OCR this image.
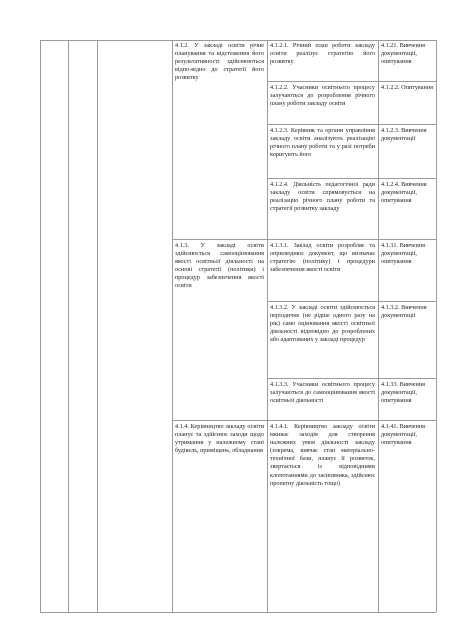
4.1.2. У закладі освіти річне планування та відстеження його результативності здійснюються відпо-відно до стратегії його розвитку
4.1.2.1. Річний план роботи закладу освіти реалізує стратегію його розвитку
4.1.21. Вивчення документації, опитування
4.1.2.2. Учасники освітнього процесу залучаються до розроблення річного плану роботи закладу освіти
4.1.2.2. Опитування
4.1.2.3. Керівник та органи управління закладу освіти аналізують реалізацію річного плану роботи та у разі потреби коригують його
4.1.2.3. Вивчення документації
4.1.2.4. Діяльність педагогічної ради закладу освіти спрямовується на реалізацію річного плану роботи та стратегії розвитку закладу
4.1.2.4. Вивчення документації, опитування
4.1.3. У закладі освіти здійснюється самооцінювання якості освітньої діяльності на основі стратегії (політики) і процедур забезпечення якості освіти
4.1.3.1. Заклад освіти розробляє та оприлюднює документ, що визначає стратегію (політику) і процедури забезпечення якості освіти
4.1.31. Вивчення документації, опитування
4.1.3.2. У закладі освіти здійснюється періодичне (не рідше одного разу на рік) само оцінювання якості освітньої діяльності відповідно до розроблених або адаптованих у закладі процедур
4.1.3.2. Вивчення документації
4.1.3.3. Учасники освітнього процесу залучаються до самооцінювання якості освітньої діяльності
4.1.33. Вивчення документації, опитування
4.1.4. Керівництво закладу освіти планує та здійснює заходи щодо утримання у належному стані будівель, приміщень, обладнання
4.1.4.1. Керівництво закладу освіти вживає заходів для створення належних умов діяльності закладу (зокрема, вивчає стан матеріально-технічної бази, планує її розвиток, звертається із відповідними клопотаннями до засновника, здійснює проектну діяльність тощо)
4.1.41. Вивчення документації, опитування
